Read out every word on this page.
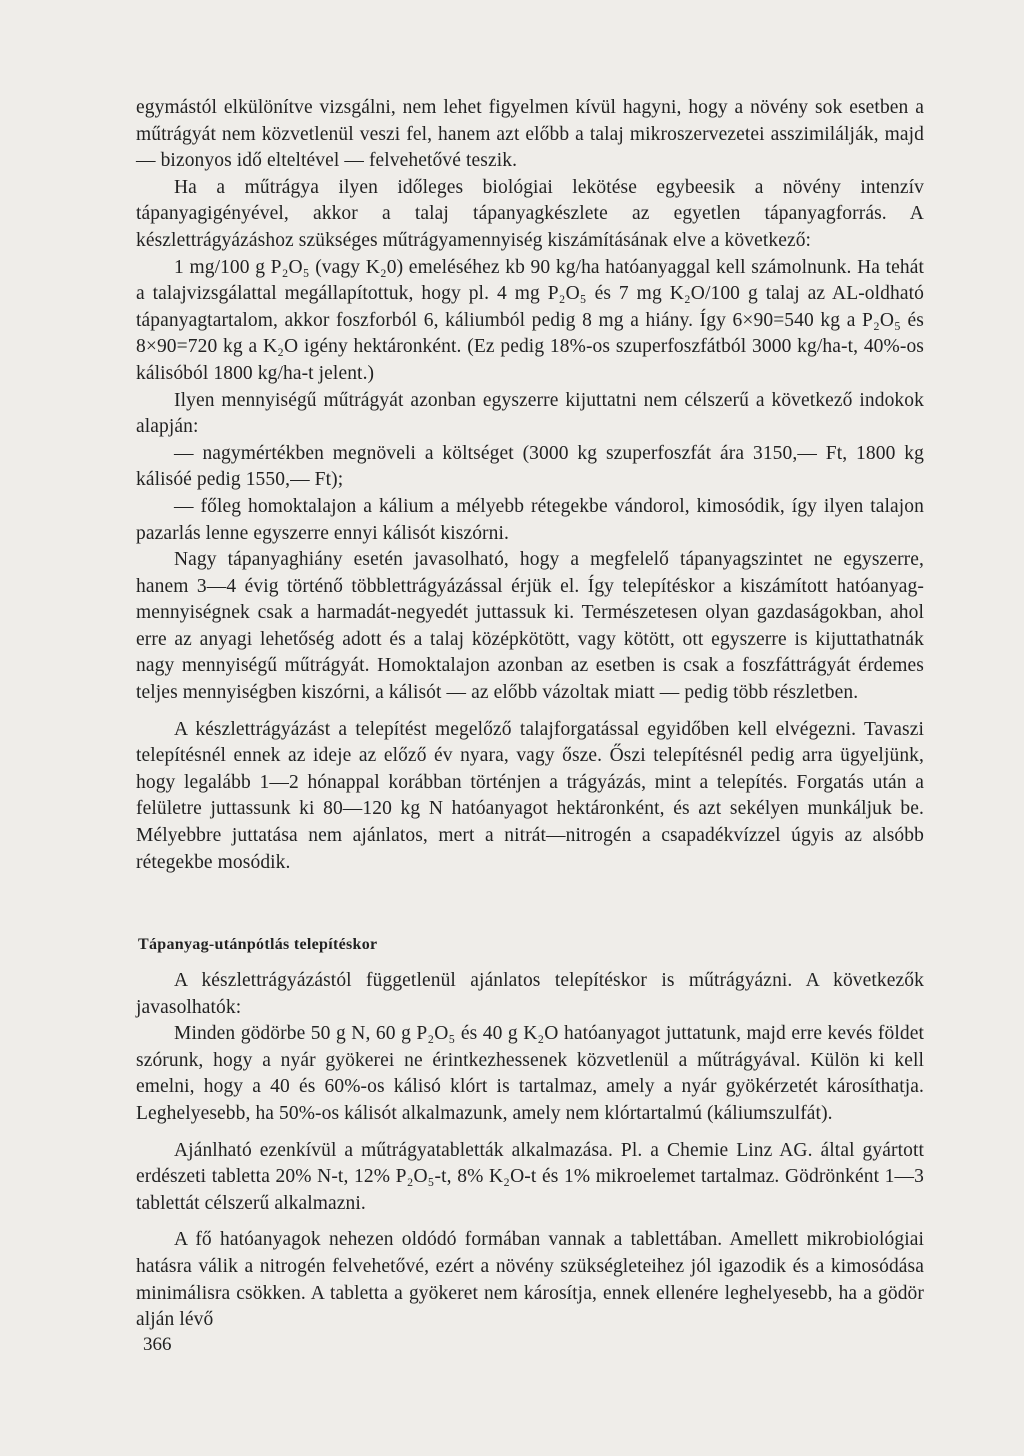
egymástól elkülönítve vizsgálni, nem lehet figyelmen kívül hagyni, hogy a növény sok esetben a műtrágyát nem közvetlenül veszi fel, hanem azt előbb a talaj mikroszervezetei asszimilálják, majd — bizonyos idő elteltével — felvehetővé teszik.

Ha a műtrágya ilyen időleges biológiai lekötése egybeesik a növény intenzív tápanyagigényével, akkor a talaj tápanyagkészlete az egyetlen tápanyagforrás. A készlettrágyázáshoz szükséges műtrágyamennyiség kiszámításának elve a következő:

1 mg/100 g P₂O₅ (vagy K₂0) emeléséhez kb 90 kg/ha hatóanyaggal kell számolnunk. Ha tehát a talajvizsgálattal megállapítottuk, hogy pl. 4 mg P₂O₅ és 7 mg K₂O/100 g talaj az AL-oldható tápanyagtartalom, akkor foszforból 6, káliumból pedig 8 mg a hiány. Így 6×90=540 kg a P₂O₅ és 8×90=720 kg a K₂O igény hektáronként. (Ez pedig 18%-os szuperfoszfátból 3000 kg/ha-t, 40%-os kálisóból 1800 kg/ha-t jelent.)

Ilyen mennyiségű műtrágyát azonban egyszerre kijuttatni nem célszerű a következő indokok alapján:

— nagymértékben megnöveli a költséget (3000 kg szuperfoszfát ára 3150,— Ft, 1800 kg kálisóé pedig 1550,— Ft);

— főleg homoktalajon a kálium a mélyebb rétegekbe vándorol, kimosódik, így ilyen talajon pazarlás lenne egyszerre ennyi kálisót kiszórni.

Nagy tápanyaghiány esetén javasolható, hogy a megfelelő tápanyagszintet ne egyszerre, hanem 3—4 évig történő többlettrágyázással érjük el. Így telepítéskor a kiszámított hatóanyag-mennyiségnek csak a harmadát-negyedét juttassuk ki. Természetesen olyan gazdaságokban, ahol erre az anyagi lehetőség adott és a talaj középkötött, vagy kötött, ott egyszerre is kijuttathatnák nagy mennyiségű műtrágyát. Homoktalajon azonban az esetben is csak a foszfáttrágyát érdemes teljes mennyiségben kiszórni, a kálisót — az előbb vázoltak miatt — pedig több részletben.

A készlettrágyázást a telepítést megelőző talajforgatással egyidőben kell elvégezni. Tavaszi telepítésnél ennek az ideje az előző év nyara, vagy ősze. Őszi telepítésnél pedig arra ügyeljünk, hogy legalább 1—2 hónappal korábban történjen a trágyázás, mint a telepítés. Forgatás után a felületre juttassunk ki 80—120 kg N hatóanyagot hektáronként, és azt sekélyen munkáljuk be. Mélyebbre juttatása nem ajánlatos, mert a nitrát—nitrogén a csapadékvízzel úgyis az alsóbb rétegekbe mosódik.

Tápanyag-utánpótlás telepítéskor

A készlettrágyázástól függetlenül ajánlatos telepítéskor is műtrágyázni. A következők javasolhatók:

Minden gödörbe 50 g N, 60 g P₂O₅ és 40 g K₂O hatóanyagot juttatunk, majd erre kevés földet szórunk, hogy a nyár gyökerei ne érintkezhessenek közvetlenül a műtrágyával. Külön ki kell emelni, hogy a 40 és 60%-os kálisó klórt is tartalmaz, amely a nyár gyökérzetét károsíthatja. Leghelyesebb, ha 50%-os kálisót alkalmazunk, amely nem klórtartalmú (káliumszulfát).

Ajánlható ezenkívül a műtrágyatabletták alkalmazása. Pl. a Chemie Linz AG. által gyártott erdészeti tabletta 20% N-t, 12% P₂O₅-t, 8% K₂O-t és 1% mikroelemet tartalmaz. Gödrönként 1—3 tablettát célszerű alkalmazni.

A fő hatóanyagok nehezen oldódó formában vannak a tablettában. Amellett mikrobiológiai hatásra válik a nitrogén felvehetővé, ezért a növény szükségleteihez jól igazodik és a kimosódása minimálisra csökken. A tabletta a gyökeret nem károsítja, ennek ellenére leghelyesebb, ha a gödör alján lévő

366
